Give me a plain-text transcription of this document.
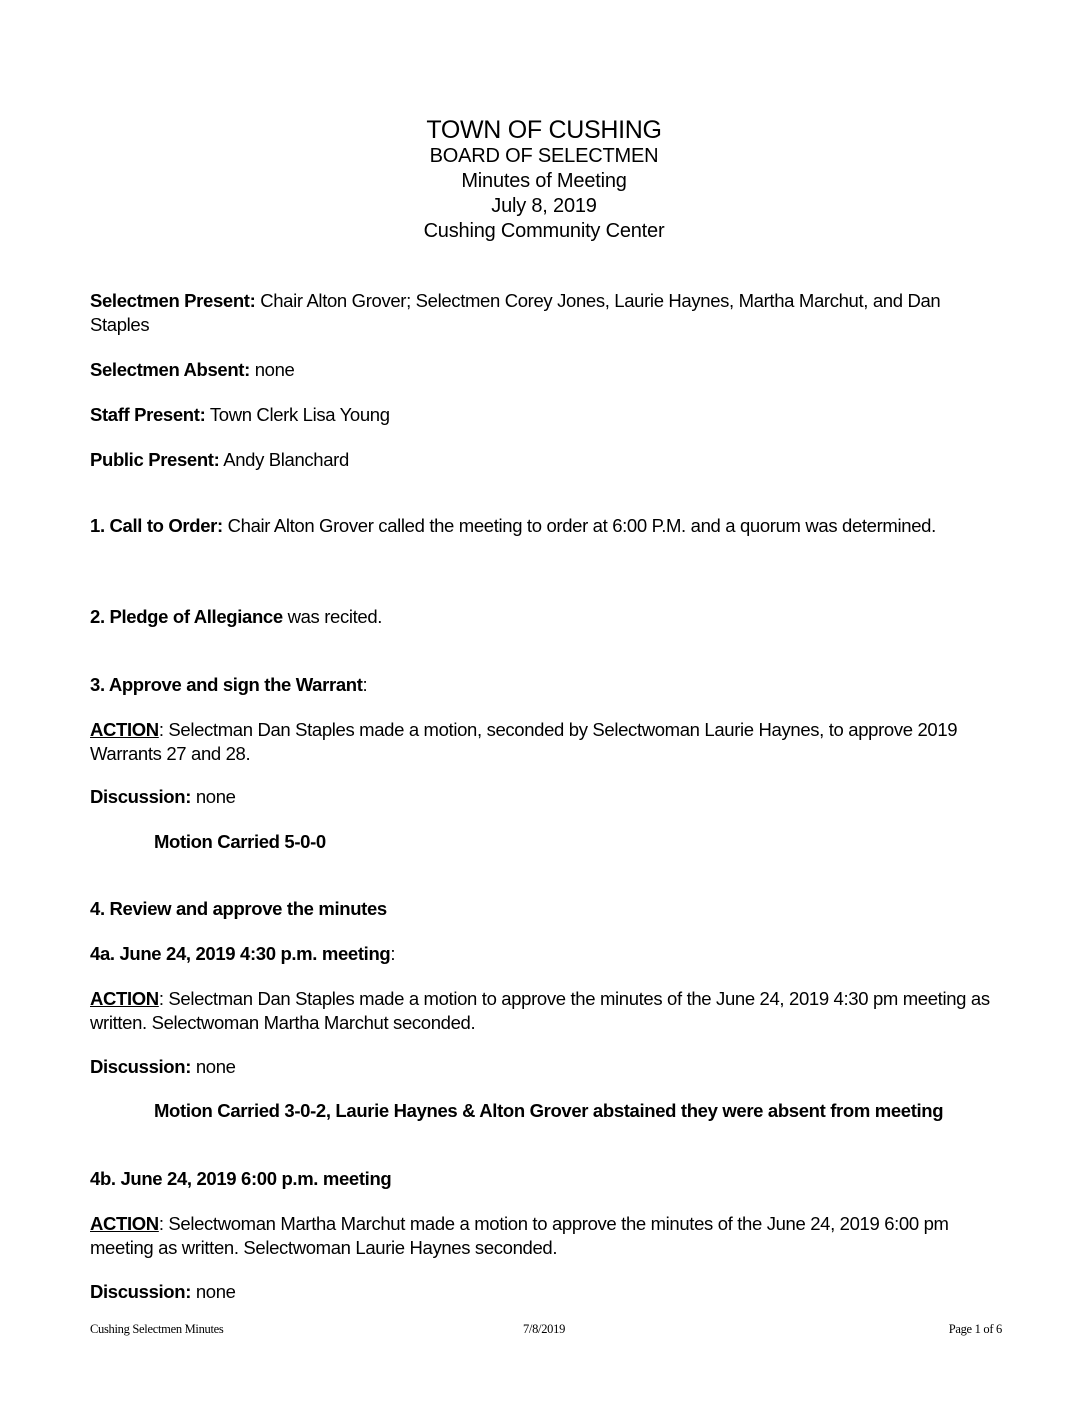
TOWN OF CUSHING
BOARD OF SELECTMEN
Minutes of Meeting
July 8, 2019
Cushing Community Center
Selectmen Present: Chair Alton Grover; Selectmen Corey Jones, Laurie Haynes, Martha Marchut, and Dan Staples
Selectmen Absent: none
Staff Present: Town Clerk Lisa Young
Public Present: Andy Blanchard
1. Call to Order: Chair Alton Grover called the meeting to order at 6:00 P.M. and a quorum was determined.
2. Pledge of Allegiance was recited.
3. Approve and sign the Warrant:
ACTION: Selectman Dan Staples made a motion, seconded by Selectwoman Laurie Haynes, to approve 2019 Warrants 27 and 28.
Discussion: none
Motion Carried 5-0-0
4. Review and approve the minutes
4a. June 24, 2019 4:30 p.m. meeting:
ACTION: Selectman Dan Staples made a motion to approve the minutes of the June 24, 2019 4:30 pm meeting as written. Selectwoman Martha Marchut seconded.
Discussion: none
Motion Carried 3-0-2, Laurie Haynes & Alton Grover abstained they were absent from meeting
4b. June 24, 2019 6:00 p.m. meeting
ACTION: Selectwoman Martha Marchut made a motion to approve the minutes of the June 24, 2019 6:00 pm meeting as written. Selectwoman Laurie Haynes seconded.
Discussion: none
Cushing Selectmen Minutes	7/8/2019	Page 1 of 6
